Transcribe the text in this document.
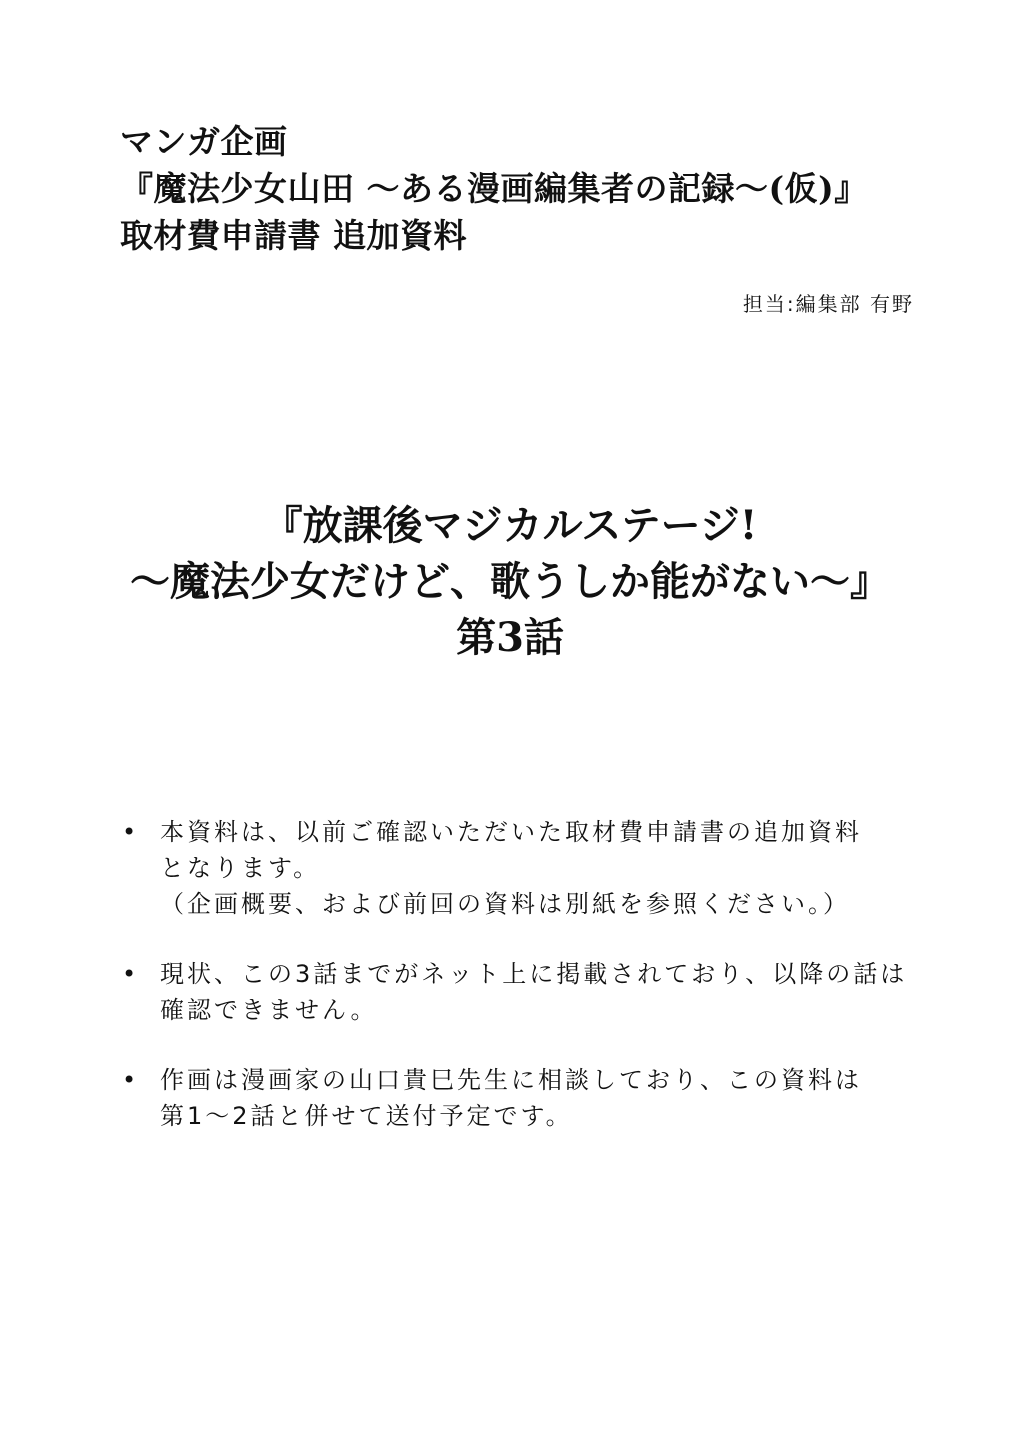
マンガ企画
『魔法少女山田 ～ある漫画編集者の記録～(仮)』
取材費申請書 追加資料
担当:編集部 有野
『放課後マジカルステージ!
～魔法少女だけど、歌うしか能がない～』
第3話
• 本資料は、以前ご確認いただいた取材費申請書の追加資料
となります。
（企画概要、および前回の資料は別紙を参照ください。）
• 現状、この3話までがネット上に掲載されており、以降の話は
確認できません。
• 作画は漫画家の山口貴巳先生に相談しており、この資料は
第1～2話と併せて送付予定です。
